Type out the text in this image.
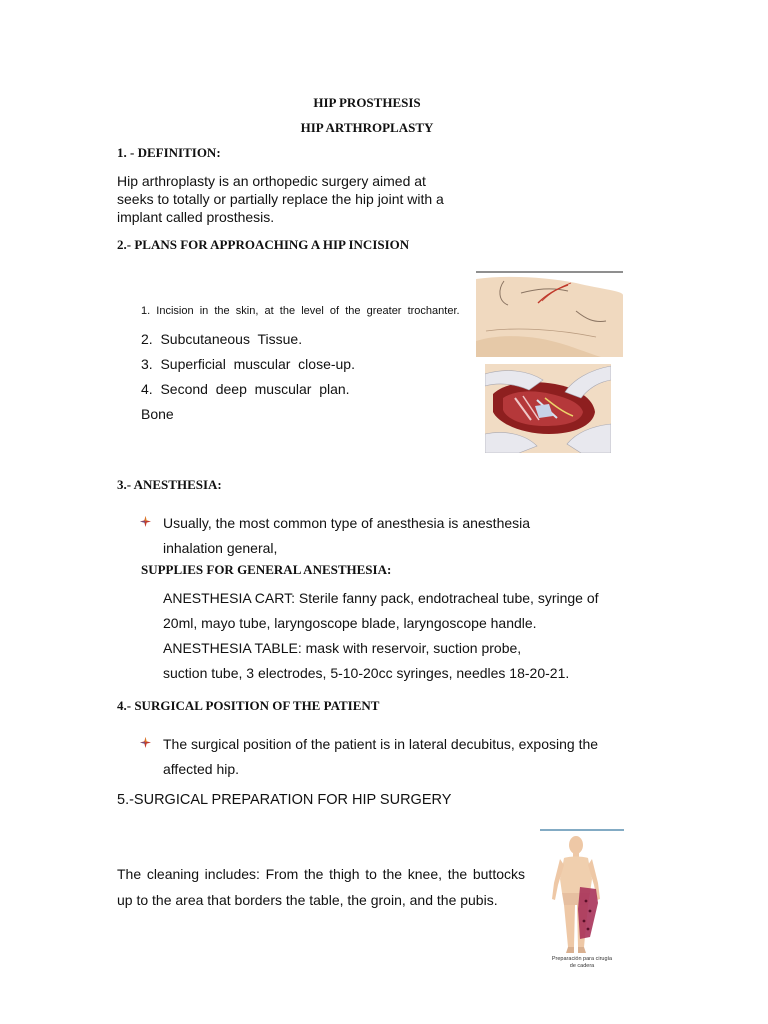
HIP PROSTHESIS
HIP ARTHROPLASTY
1. - DEFINITION:
Hip arthroplasty is an orthopedic surgery aimed at
seeks to totally or partially replace the hip joint with a
implant called prosthesis.
2.- PLANS FOR APPROACHING A HIP INCISION
1.  Incision  in  the  skin,  at  the  level  of  the  greater  trochanter.
2.  Subcutaneous  Tissue.
3.  Superficial  muscular  close-up.
4.  Second  deep  muscular  plan.
Bone
3.- ANESTHESIA:
Usually, the most common type of anesthesia is anesthesia
inhalation general,
SUPPLIES FOR GENERAL ANESTHESIA:
ANESTHESIA CART: Sterile fanny pack, endotracheal tube, syringe of
20ml, mayo tube, laryngoscope blade, laryngoscope handle.
ANESTHESIA TABLE: mask with reservoir, suction probe,
suction tube, 3 electrodes, 5-10-20cc syringes, needles 18-20-21.
4.- SURGICAL POSITION OF THE PATIENT
The surgical position of the patient is in lateral decubitus, exposing the
affected hip.
5.-SURGICAL PREPARATION FOR HIP SURGERY
The cleaning includes: From the thigh to the knee, the buttocks
up to the area that borders the table, the groin, and the pubis.
Preparación para cirugía
de cadera
